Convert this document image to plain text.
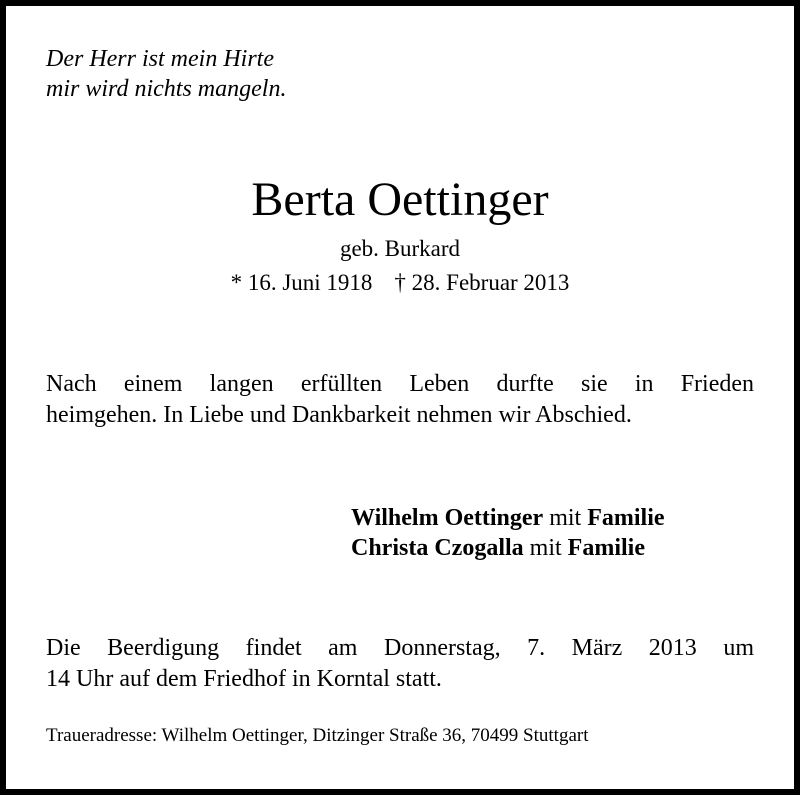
Der Herr ist mein Hirte
mir wird nichts mangeln.
Berta Oettinger
geb. Burkard
* 16. Juni 1918 † 28. Februar 2013
Nach einem langen erfüllten Leben durfte sie in Frieden
heimgehen. In Liebe und Dankbarkeit nehmen wir Abschied.
Wilhelm Oettinger mit Familie
Christa Czogalla mit Familie
Die Beerdigung findet am Donnerstag, 7. März 2013 um
14 Uhr auf dem Friedhof in Korntal statt.
Traueradresse: Wilhelm Oettinger, Ditzinger Straße 36, 70499 Stuttgart
